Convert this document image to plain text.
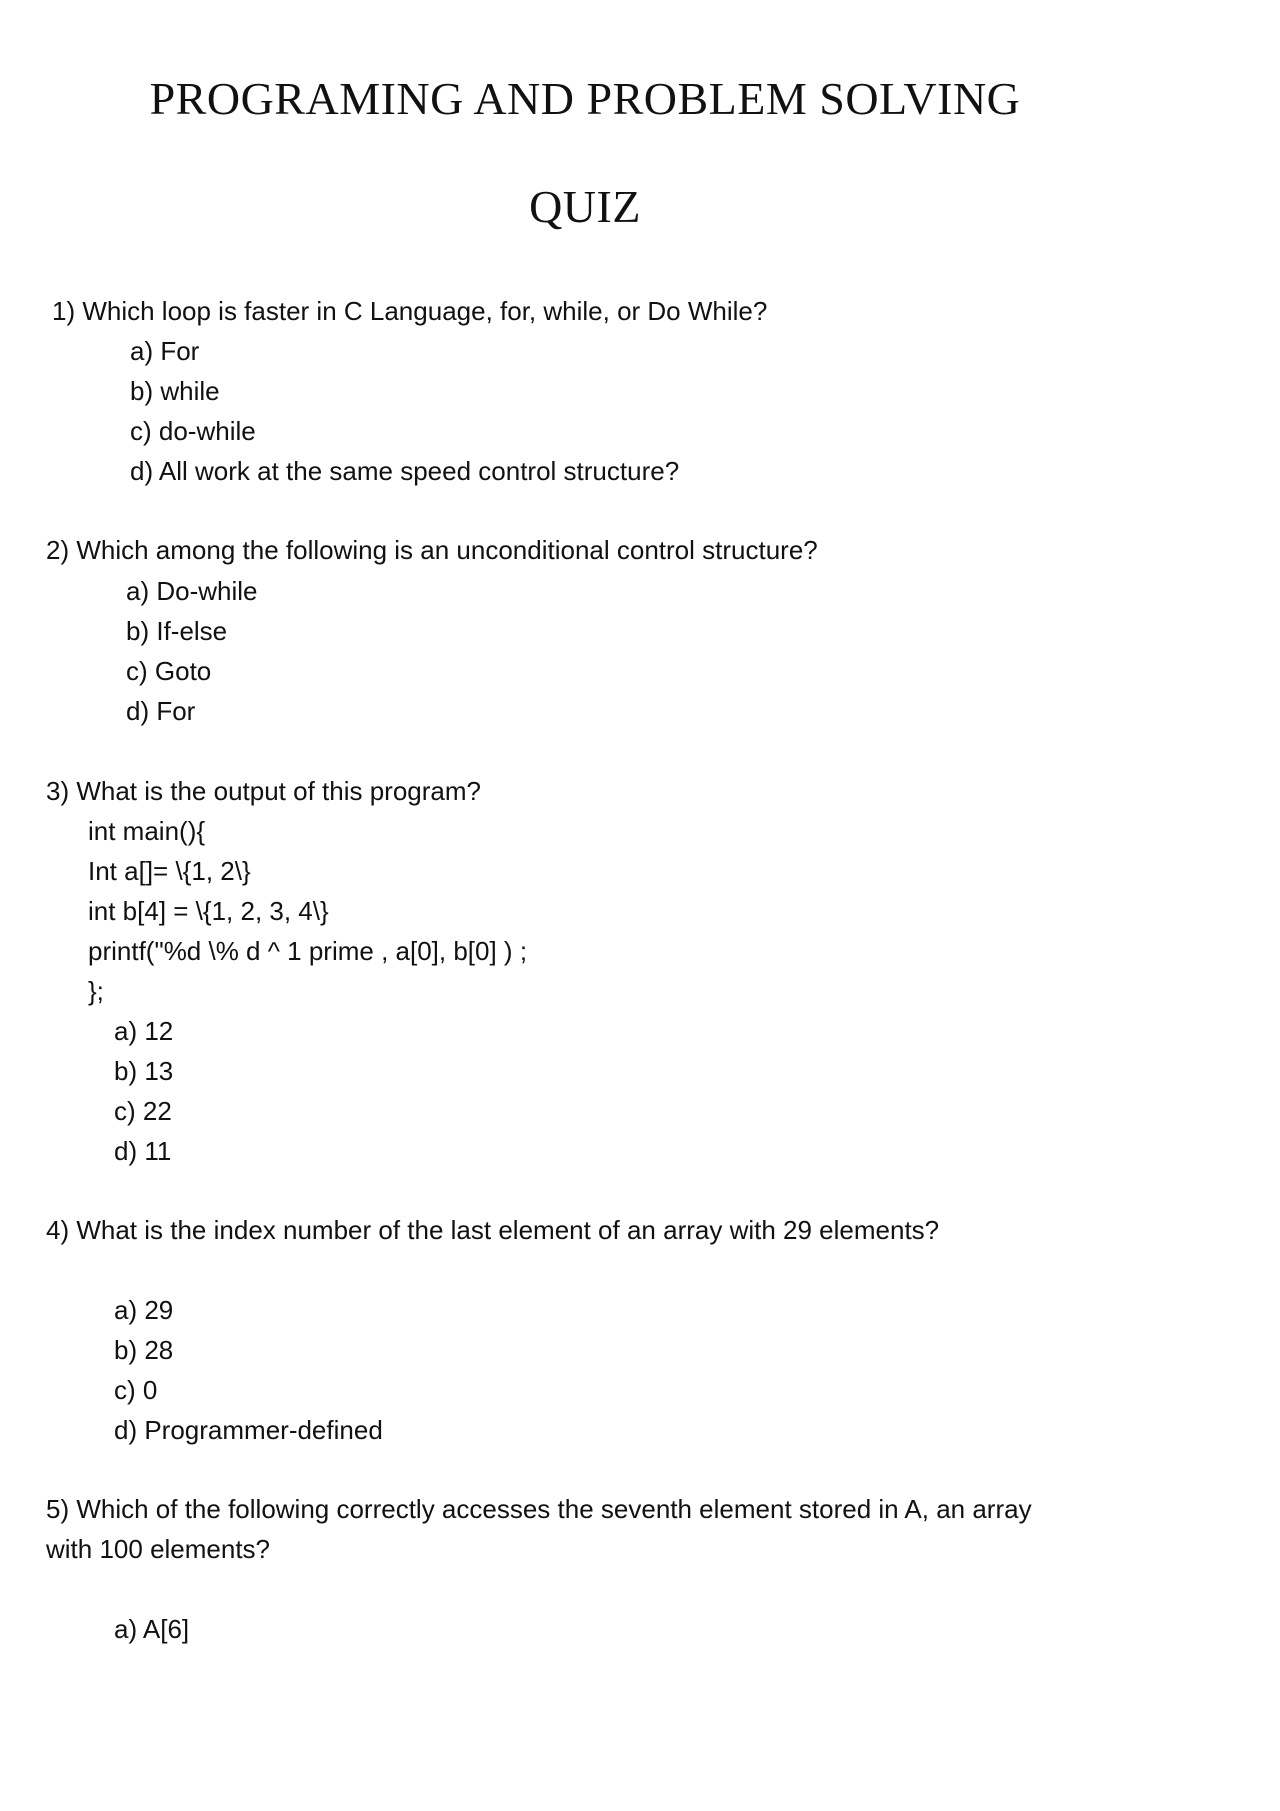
PROGRAMING AND PROBLEM SOLVING
QUIZ

1) Which loop is faster in C Language, for, while, or Do While?

a) For

b) while

c) do-while

d) All work at the same speed control structure?

2) Which among the following is an unconditional control structure?

a) Do-while

b) If-else

c) Goto

d) For

3) What is the output of this program?

int main(){

Int a[]= \{1, 2\}

int b[4] = \{1, 2, 3, 4\}

printf("%d \% d ^ 1 prime , a[0], b[0] ) ;

};

a) 12

b) 13

c) 22

d) 11

4) What is the index number of the last element of an array with 29 elements?

a) 29

b) 28

c) 0

d) Programmer-defined

5) Which of the following correctly accesses the seventh element stored in A, an array

with 100 elements?

a) A[6]
